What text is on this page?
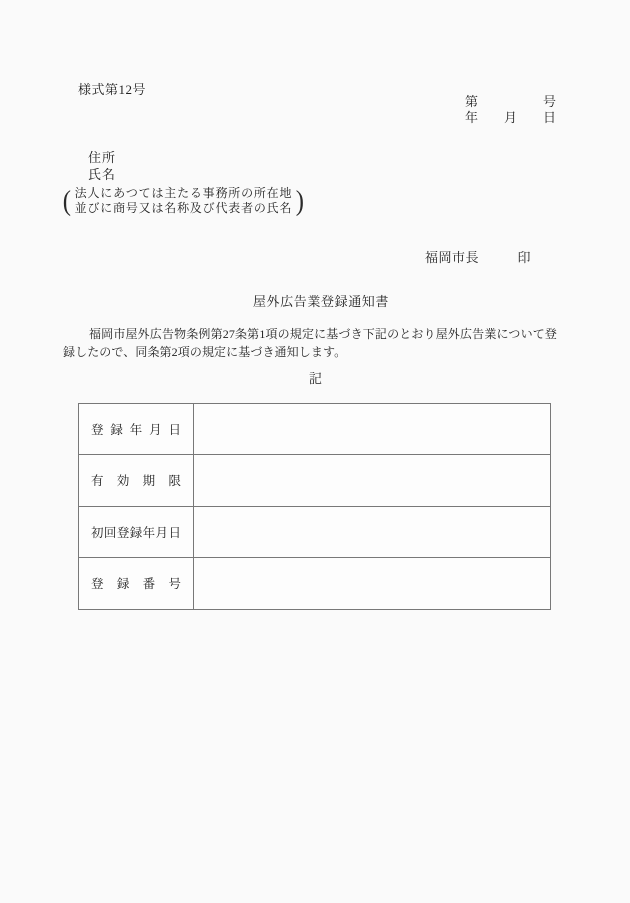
様式第12号
第	号
年 月 日
住所
氏名
( 法人にあつては主たる事務所の所在地
並びに商号又は名称及び代表者の氏名 )
福岡市長	印
屋外広告業登録通知書
福岡市屋外広告物条例第27条第1項の規定に基づき下記のとおり屋外広告業について登録したので、同条第2項の規定に基づき通知します。
記
登 録 年 月 日
有 効 期 限
初 回 登 録 年 月 日
登 録 番 号
